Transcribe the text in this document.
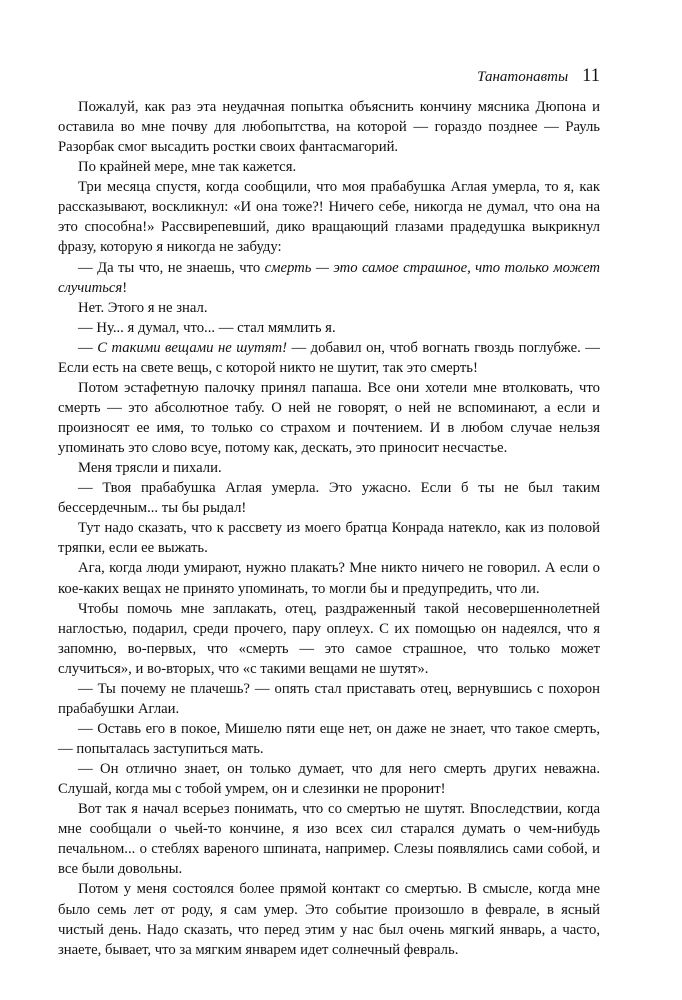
Танатонавты 11

Пожалуй, как раз эта неудачная попытка объяснить кончину мясника Дюпона и оставила во мне почву для любопытства, на которой — гораздо позднее — Рауль Разорбак смог высадить ростки своих фантасмагорий.

По крайней мере, мне так кажется.

Три месяца спустя, когда сообщили, что моя прабабушка Аглая умерла, то я, как рассказывают, воскликнул: «И она тоже?! Ничего себе, никогда не думал, что она на это способна!» Рассвирепевший, дико вращающий глазами прадедушка выкрикнул фразу, которую я никогда не забуду:

— Да ты что, не знаешь, что смерть — это самое страшное, что только может случиться!

Нет. Этого я не знал.

— Ну... я думал, что... — стал мямлить я.

— С такими вещами не шутят! — добавил он, чтоб вогнать гвоздь поглубже. — Если есть на свете вещь, с которой никто не шутит, так это смерть!

Потом эстафетную палочку принял папаша. Все они хотели мне втолковать, что смерть — это абсолютное табу. О ней не говорят, о ней не вспоминают, а если и произносят ее имя, то только со страхом и почтением. И в любом случае нельзя упоминать это слово всуе, потому как, дескать, это приносит несчастье.

Меня трясли и пихали.

— Твоя прабабушка Аглая умерла. Это ужасно. Если б ты не был таким бессердечным... ты бы рыдал!

Тут надо сказать, что к рассвету из моего братца Конрада натекло, как из половой тряпки, если ее выжать.

Ага, когда люди умирают, нужно плакать? Мне никто ничего не говорил. А если о кое-каких вещах не принято упоминать, то могли бы и предупредить, что ли.

Чтобы помочь мне заплакать, отец, раздраженный такой несовершеннолетней наглостью, подарил, среди прочего, пару оплеух. С их помощью он надеялся, что я запомню, во-первых, что «смерть — это самое страшное, что только может случиться», и во-вторых, что «с такими вещами не шутят».

— Ты почему не плачешь? — опять стал приставать отец, вернувшись с похорон прабабушки Аглаи.

— Оставь его в покое, Мишелю пяти еще нет, он даже не знает, что такое смерть, — попыталась заступиться мать.

— Он отлично знает, он только думает, что для него смерть других неважна. Слушай, когда мы с тобой умрем, он и слезинки не проронит!

Вот так я начал всерьез понимать, что со смертью не шутят. Впоследствии, когда мне сообщали о чьей-то кончине, я изо всех сил старался думать о чем-нибудь печальном... о стеблях вареного шпината, например. Слезы появлялись сами собой, и все были довольны.

Потом у меня состоялся более прямой контакт со смертью. В смысле, когда мне было семь лет от роду, я сам умер. Это событие произошло в феврале, в ясный чистый день. Надо сказать, что перед этим у нас был очень мягкий январь, а часто, знаете, бывает, что за мягким январем идет солнечный февраль.
